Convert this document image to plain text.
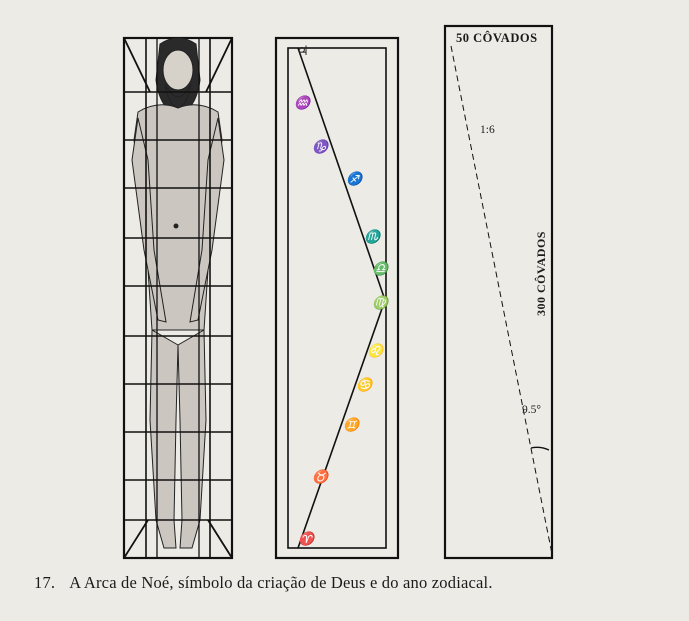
♃
♒
♑
♐
♏
♎
♍
♌
♋
♊
♉
♈
50 CÔVADOS
1:6
300 CÔVADOS
9.5°
17. A Arca de Noé, símbolo da criação de Deus e do ano zodiacal.
